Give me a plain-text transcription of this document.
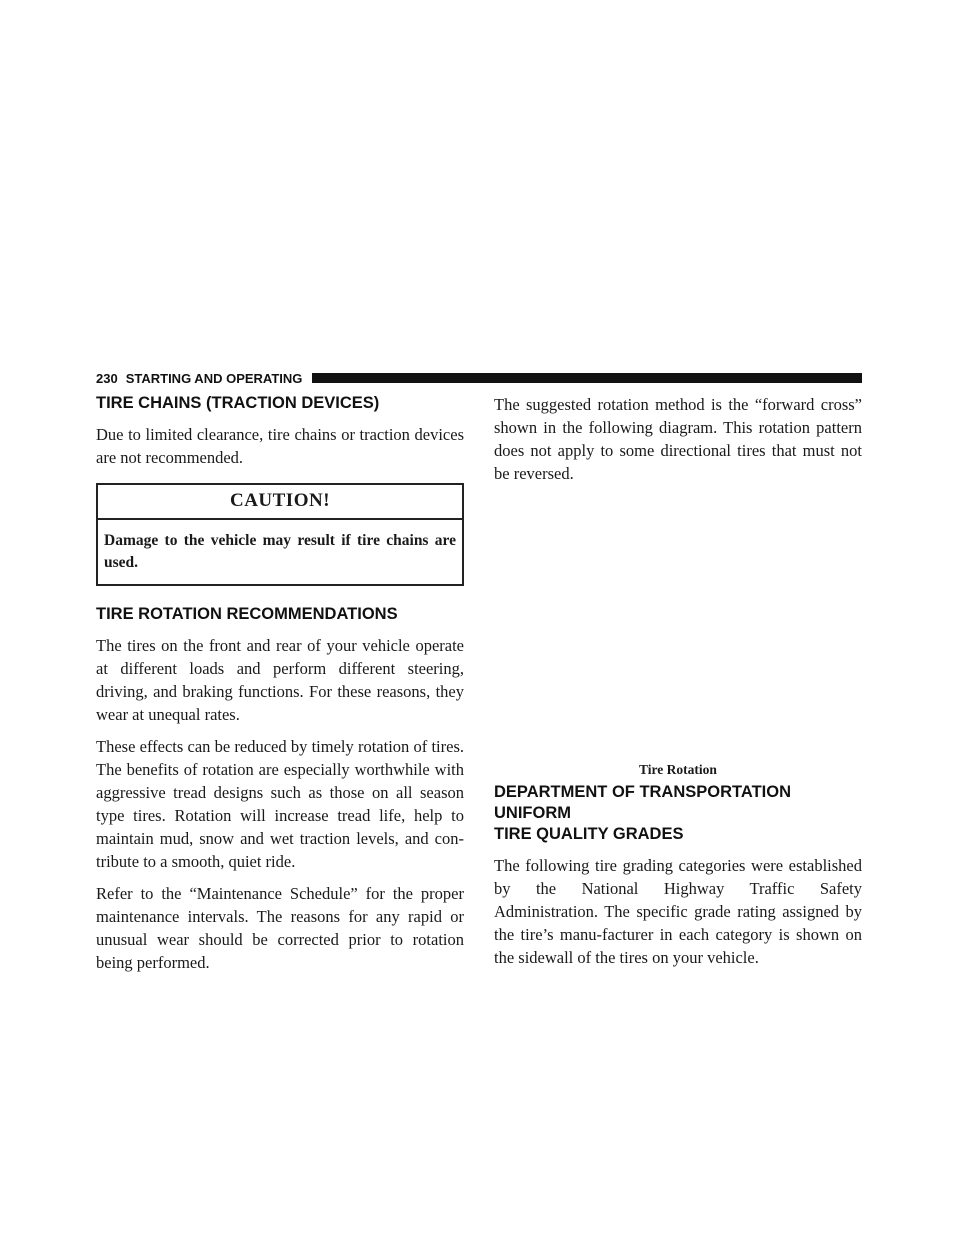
230 STARTING AND OPERATING
TIRE CHAINS (TRACTION DEVICES)

Due to limited clearance, tire chains or traction devices are not recommended.

CAUTION!

Damage to the vehicle may result if tire chains are used.

TIRE ROTATION RECOMMENDATIONS

The tires on the front and rear of your vehicle operate at different loads and perform different steering, driving, and braking functions. For these reasons, they wear at unequal rates.

These effects can be reduced by timely rotation of tires. The benefits of rotation are especially worthwhile with aggressive tread designs such as those on all season type tires. Rotation will increase tread life, help to maintain mud, snow and wet traction levels, and con-tribute to a smooth, quiet ride.

Refer to the “Maintenance Schedule” for the proper maintenance intervals. The reasons for any rapid or unusual wear should be corrected prior to rotation being performed.

The suggested rotation method is the “forward cross” shown in the following diagram. This rotation pattern does not apply to some directional tires that must not be reversed.

Tire Rotation
DEPARTMENT OF TRANSPORTATION UNIFORM
TIRE QUALITY GRADES

The following tire grading categories were established by the National Highway Traffic Safety Administration. The specific grade rating assigned by the tire’s manu-facturer in each category is shown on the sidewall of the tires on your vehicle.
